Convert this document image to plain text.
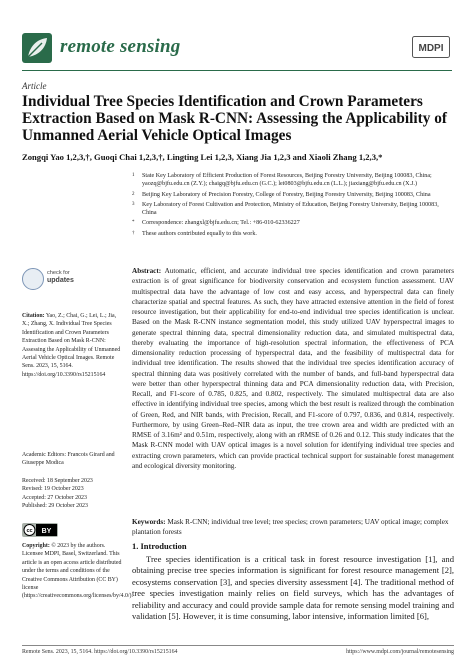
remote sensing	MDPI
Article
Individual Tree Species Identification and Crown Parameters Extraction Based on Mask R-CNN: Assessing the Applicability of Unmanned Aerial Vehicle Optical Images
Zongqi Yao 1,2,3,†, Guoqi Chai 1,2,3,†, Lingting Lei 1,2,3, Xiang Jia 1,2,3 and Xiaoli Zhang 1,2,3,*
1	State Key Laboratory of Efficient Production of Forest Resources, Beijing Forestry University, Beijing 100083, China; yaozq@bjfu.edu.cn (Z.Y.); chaigq@bjfu.edu.cn (G.C.); lei0803@bjfu.edu.cn (L.L.); jiaxiang@bjfu.edu.cn (X.J.)
2	Beijing Key Laboratory of Precision Forestry, College of Forestry, Beijing Forestry University, Beijing 100083, China
3	Key Laboratory of Forest Cultivation and Protection, Ministry of Education, Beijing Forestry University, Beijing 100083, China
*	Correspondence: zhangxl@bjfu.edu.cn; Tel.: +86-010-62336227
†	These authors contributed equally to this work.
Abstract: Automatic, efficient, and accurate individual tree species identification and crown parameters extraction is of great significance for biodiversity conservation and ecosystem function assessment. UAV multispectral data have the advantage of low cost and easy access, and hyperspectral data can finely characterize spatial and spectral features. As such, they have attracted extensive attention in the field of forest resource investigation, but their applicability for end-to-end individual tree species identification is unclear. Based on the Mask R-CNN instance segmentation model, this study utilized UAV hyperspectral images to generate spectral thinning data, spectral dimensionality reduction data, and simulated multispectral data, thereby evaluating the importance of high-resolution spectral information, the effectiveness of PCA dimensionality reduction processing of hyperspectral data, and the feasibility of multispectral data for individual tree identification. The results showed that the individual tree species identification accuracy of spectral thinning data was positively correlated with the number of bands, and full-band hyperspectral data were better than other hyperspectral thinning data and PCA dimensionality reduction data, with Precision, Recall, and F1-score of 0.785, 0.825, and 0.802, respectively. The simulated multispectral data are also effective in identifying individual tree species, among which the best result is realized through the combination of Green, Red, and NIR bands, with Precision, Recall, and F1-score of 0.797, 0.836, and 0.814, respectively. Furthermore, by using Green–Red–NIR data as input, the tree crown area and width are predicted with an RMSE of 3.16m² and 0.51m, respectively, along with an rRMSE of 0.26 and 0.12. This study indicates that the Mask R-CNN model with UAV optical images is a novel solution for identifying individual tree species and extracting crown parameters, which can provide practical technical support for sustainable forest management and ecological diversity monitoring.
Keywords: Mask R-CNN; individual tree level; tree species; crown parameters; UAV optical image; complex plantation forests
check for
updates
Citation: Yao, Z.; Chai, G.; Lei, L.; Jia, X.; Zhang, X. Individual Tree Species Identification and Crown Parameters Extraction Based on Mask R-CNN: Assessing the Applicability of Unmanned Aerial Vehicle Optical Images. Remote Sens. 2023, 15, 5164. https://doi.org/10.3390/rs15215164
Academic Editors: Francois Girard and Giuseppe Modica
Received: 18 September 2023
Revised: 19 October 2023
Accepted: 27 October 2023
Published: 29 October 2023
cc BY
Copyright: © 2023 by the authors. Licensee MDPI, Basel, Switzerland. This article is an open access article distributed under the terms and conditions of the Creative Commons Attribution (CC BY) license (https://creativecommons.org/licenses/by/4.0/).
1. Introduction
Tree species identification is a critical task in forest resource investigation [1], and obtaining precise tree species information is significant for forest resource management [2], ecosystems conservation [3], and species diversity assessment [4]. The traditional method of tree species investigation mainly relies on field surveys, which has the advantages of reliability and accuracy and could provide sample data for remote sensing model training and validation [5]. However, it is time consuming, labor intensive, information limited [6],
Remote Sens. 2023, 15, 5164. https://doi.org/10.3390/rs15215164	https://www.mdpi.com/journal/remotesensing
